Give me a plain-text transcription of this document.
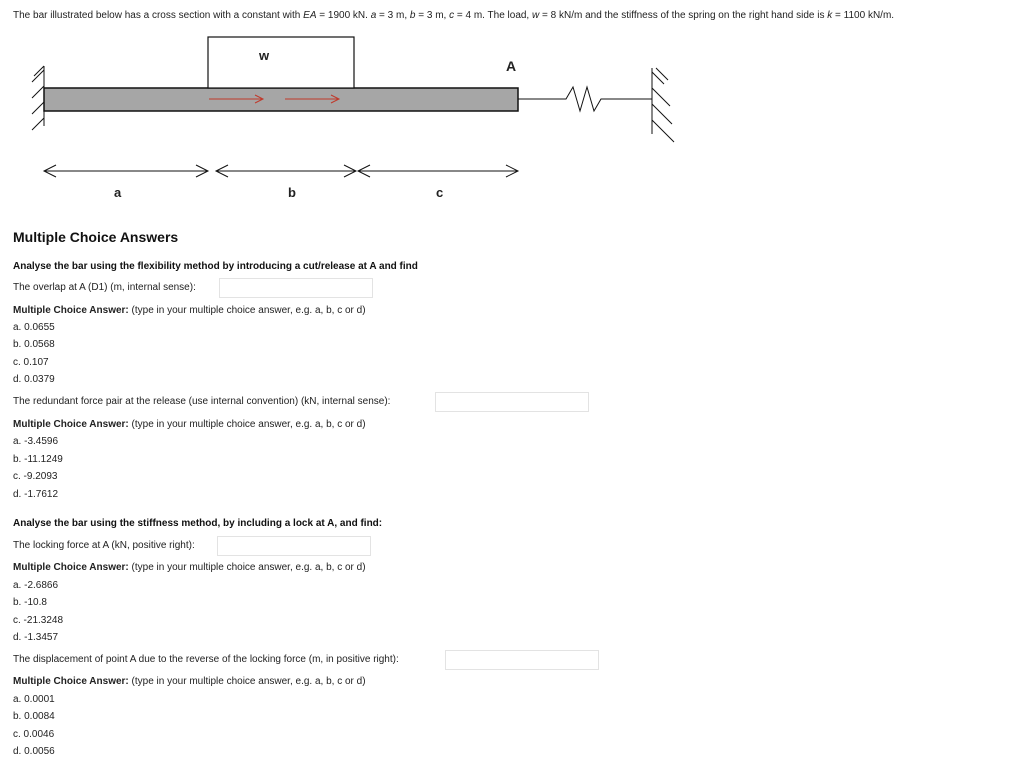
The bar illustrated below has a cross section with a constant with EA = 1900 kN. a = 3 m, b = 3 m, c = 4 m. The load, w = 8 kN/m and the stiffness of the spring on the right hand side is k = 1100 kN/m.
w
A
a	b	c
Multiple Choice Answers
Analyse the bar using the flexibility method by introducing a cut/release at A and find
The overlap at A (D1) (m, internal sense):
Multiple Choice Answer: (type in your multiple choice answer, e.g. a, b, c or d)
a. 0.0655
b. 0.0568
c. 0.107
d. 0.0379
The redundant force pair at the release (use internal convention) (kN, internal sense):
Multiple Choice Answer: (type in your multiple choice answer, e.g. a, b, c or d)
a. -3.4596
b. -11.1249
c. -9.2093
d. -1.7612
Analyse the bar using the stiffness method, by including a lock at A, and find:
The locking force at A (kN, positive right):
Multiple Choice Answer: (type in your multiple choice answer, e.g. a, b, c or d)
a. -2.6866
b. -10.8
c. -21.3248
d. -1.3457
The displacement of point A due to the reverse of the locking force (m, in positive right):
Multiple Choice Answer: (type in your multiple choice answer, e.g. a, b, c or d)
a. 0.0001
b. 0.0084
c. 0.0046
d. 0.0056
